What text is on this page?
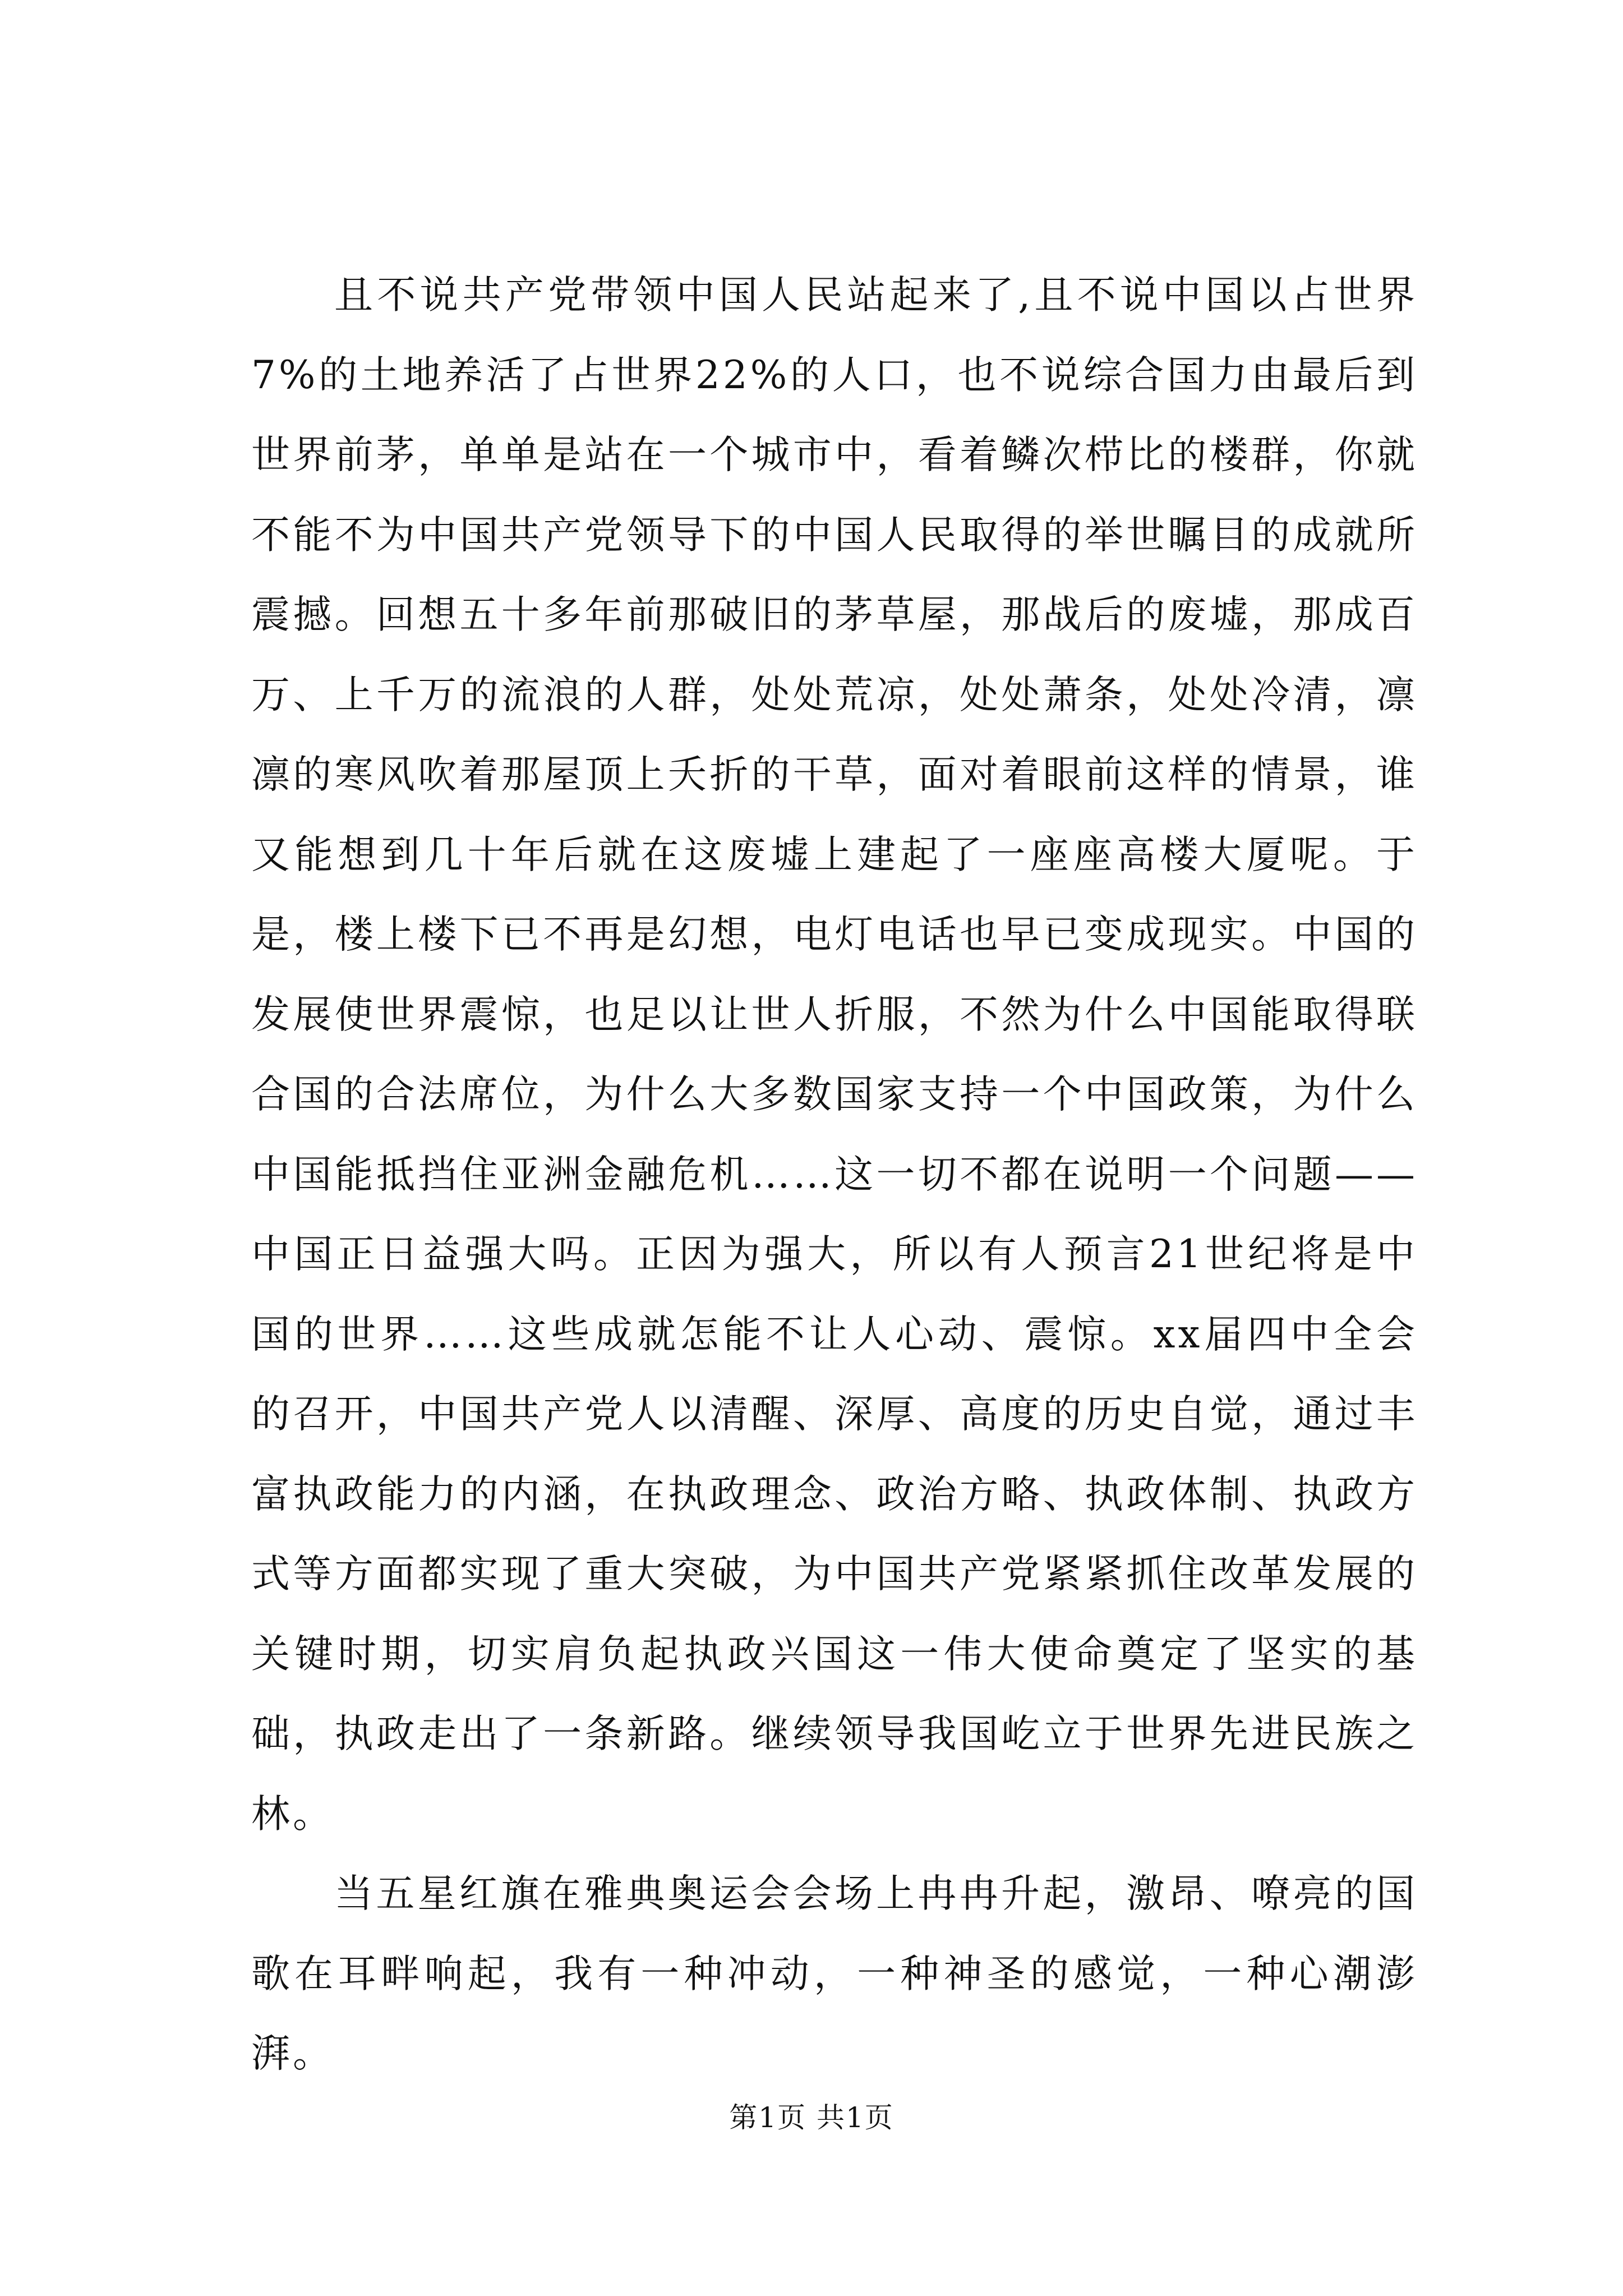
且不说共产党带领中国人民站起来了,且不说中国以占世界7%的土地养活了占世界22%的人口，也不说综合国力由最后到世界前茅，单单是站在一个城市中，看着鳞次栉比的楼群，你就不能不为中国共产党领导下的中国人民取得的举世瞩目的成就所震撼。回想五十多年前那破旧的茅草屋，那战后的废墟，那成百万、上千万的流浪的人群，处处荒凉，处处萧条，处处冷清，凛凛的寒风吹着那屋顶上夭折的干草，面对着眼前这样的情景，谁又能想到几十年后就在这废墟上建起了一座座高楼大厦呢。于是，楼上楼下已不再是幻想，电灯电话也早已变成现实。中国的发展使世界震惊，也足以让世人折服，不然为什么中国能取得联合国的合法席位，为什么大多数国家支持一个中国政策，为什么中国能抵挡住亚洲金融危机……这一切不都在说明一个问题——中国正日益强大吗。正因为强大，所以有人预言21世纪将是中国的世界……这些成就怎能不让人心动、震惊。xx届四中全会的召开，中国共产党人以清醒、深厚、高度的历史自觉，通过丰富执政能力的内涵，在执政理念、政治方略、执政体制、执政方式等方面都实现了重大突破，为中国共产党紧紧抓住改革发展的关键时期，切实肩负起执政兴国这一伟大使命奠定了坚实的基础，执政走出了一条新路。继续领导我国屹立于世界先进民族之林。

当五星红旗在雅典奥运会会场上冉冉升起，激昂、嘹亮的国歌在耳畔响起，我有一种冲动，一种神圣的感觉，一种心潮澎湃。

第1页 共1页
